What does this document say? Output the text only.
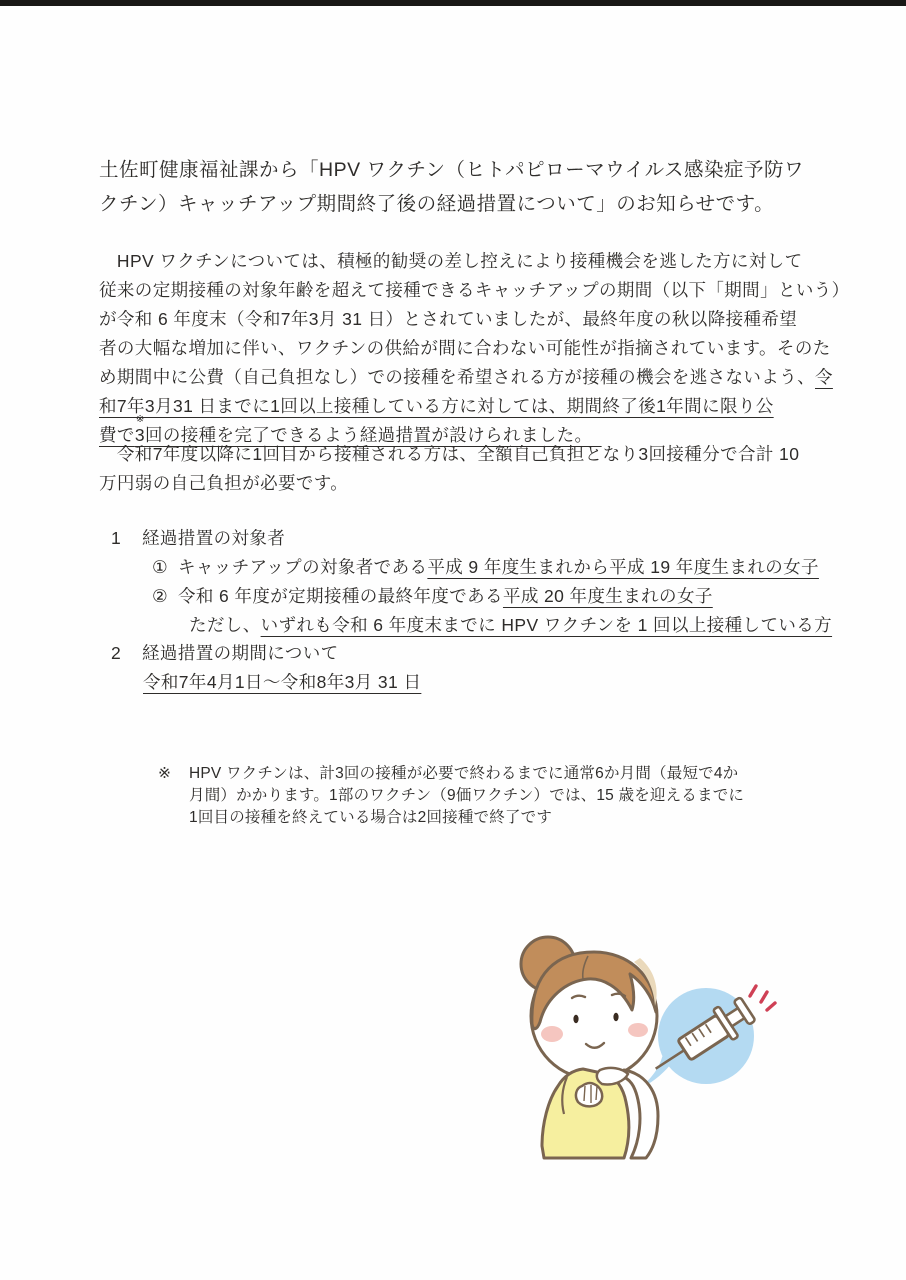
土佐町健康福祉課から「HPV ワクチン（ヒトパピローマウイルス感染症予防ワ
クチン）キャッチアップ期間終了後の経過措置について」のお知らせです。
　HPV ワクチンについては、積極的勧奨の差し控えにより接種機会を逃した方に対して
従来の定期接種の対象年齢を超えて接種できるキャッチアップの期間（以下「期間」という）
が令和 6 年度末（令和7年3月 31 日）とされていましたが、最終年度の秋以降接種希望
者の大幅な増加に伴い、ワクチンの供給が間に合わない可能性が指摘されています。そのた
め期間中に公費（自己負担なし）での接種を希望される方が接種の機会を逃さないよう、令
和7年3月31 日までに1回以上接種している方に対しては、期間終了後1年間に限り公
費で
※
3回の接種を完了できるよう経過措置が設けられました。　
　令和7年度以降に1回目から接種される方は、全額自己負担となり3回接種分で合計 10
万円弱の自己負担が必要です。
1	経過措置の対象者
① キャッチアップの対象者である平成 9 年度生まれから平成 19 年度生まれの女子
② 令和 6 年度が定期接種の最終年度である平成 20 年度生まれの女子
ただし、いずれも令和 6 年度末までに HPV ワクチンを 1 回以上接種している方
2	経過措置の期間について
令和7年4月1日～令和8年3月 31 日
※	HPV ワクチンは、計3回の接種が必要で終わるまでに通常6か月間（最短で4か
月間）かかります。1部のワクチン（9価ワクチン）では、15 歳を迎えるまでに
1回目の接種を終えている場合は2回接種で終了です
